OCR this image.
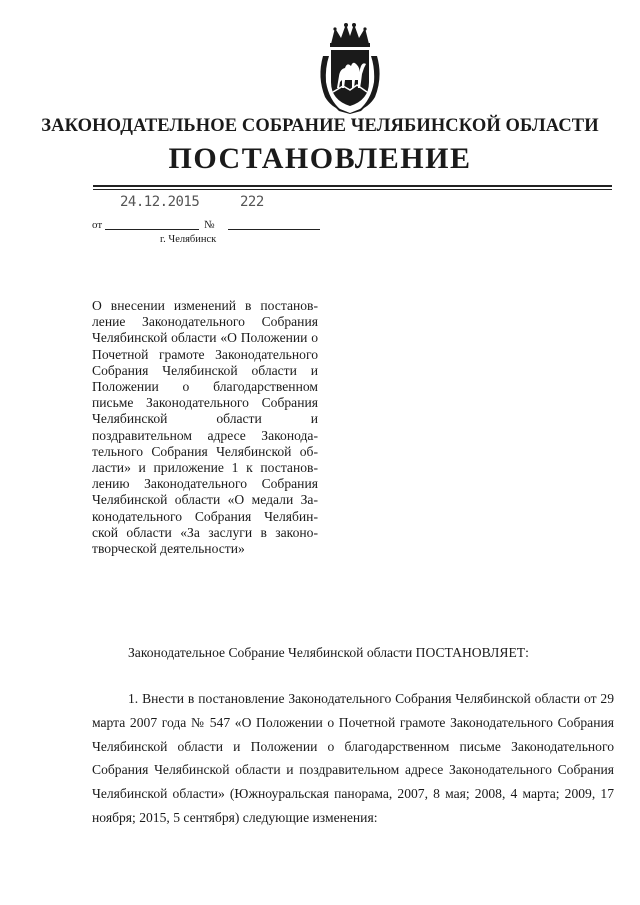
ЗАКОНОДАТЕЛЬНОЕ СОБРАНИЕ ЧЕЛЯБИНСКОЙ ОБЛАСТИ
ПОСТАНОВЛЕНИЕ
24.12.2015	222
от	№
г. Челябинск
О внесении изменений в постановление Законодательного Собрания Челябинской области «О Положении о Почетной грамоте Законодательного Собрания Челябинской области и Положении о благодарственном письме Законодательного Собрания Челябинской области и поздравительном адресе Законодательного Собрания Челябинской области» и приложение 1 к постановлению Законодательного Собрания Челябинской области «О медали Законодательного Собрания Челябинской области «За заслуги в законотворческой деятельности»
Законодательное Собрание Челябинской области ПОСТАНОВЛЯЕТ:
1. Внести в постановление Законодательного Собрания Челябинской области от 29 марта 2007 года № 547 «О Положении о Почетной грамоте Законодательного Собрания Челябинской области и Положении о благодарственном письме Законодательного Собрания Челябинской области и поздравительном адресе Законодательного Собрания Челябинской области» (Южноуральская панорама, 2007, 8 мая; 2008, 4 марта; 2009, 17 ноября; 2015, 5 сентября) следующие изменения:
